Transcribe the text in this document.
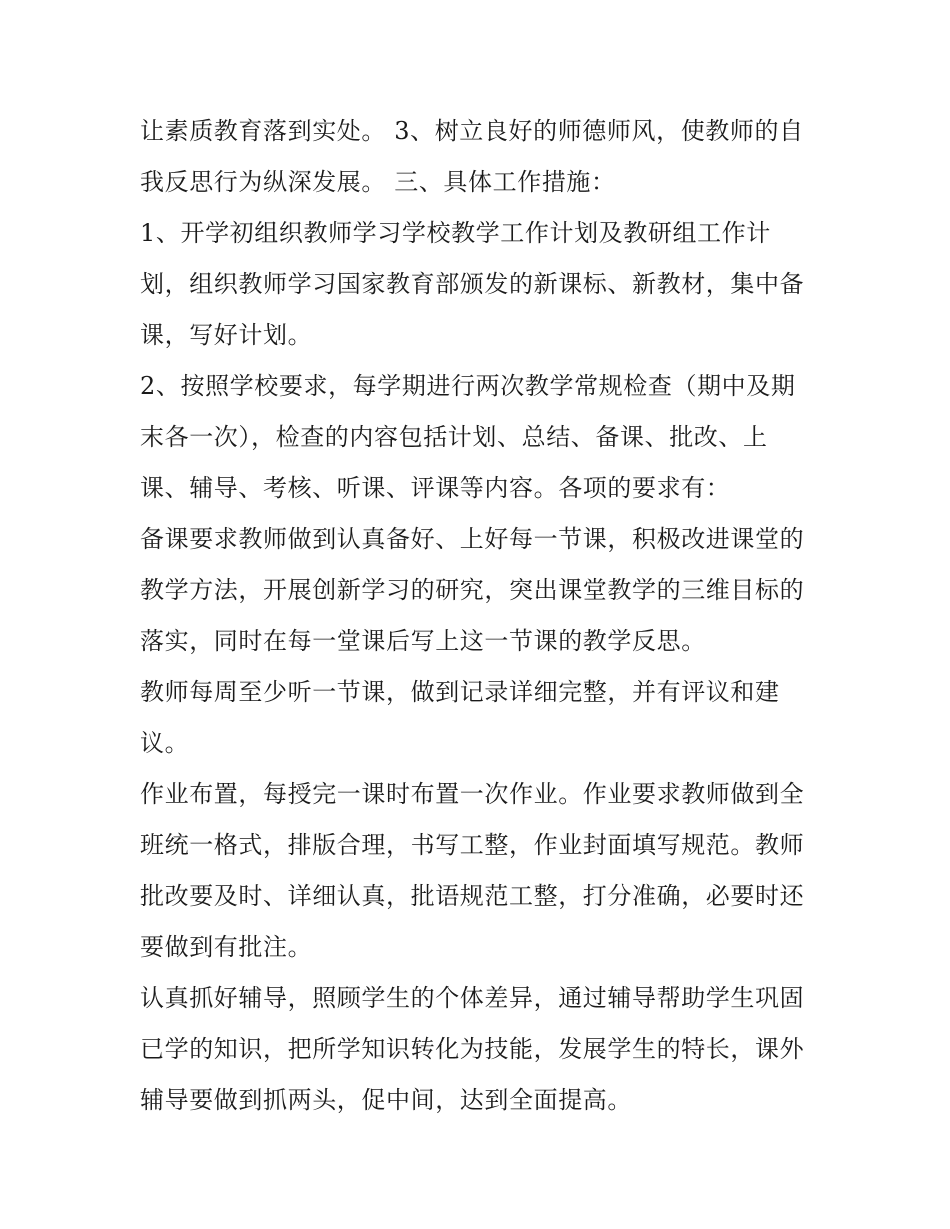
让素质教育落到实处。 3、树立良好的师德师风，使教师的自
我反思行为纵深发展。 三、具体工作措施：
1、开学初组织教师学习学校教学工作计划及教研组工作计
划，组织教师学习国家教育部颁发的新课标、新教材，集中备
课，写好计划。
2、按照学校要求，每学期进行两次教学常规检查（期中及期
末各一次），检查的内容包括计划、总结、备课、批改、上
课、辅导、考核、听课、评课等内容。各项的要求有：
备课要求教师做到认真备好、上好每一节课，积极改进课堂的
教学方法，开展创新学习的研究，突出课堂教学的三维目标的
落实，同时在每一堂课后写上这一节课的教学反思。
教师每周至少听一节课，做到记录详细完整，并有评议和建
议。
作业布置，每授完一课时布置一次作业。作业要求教师做到全
班统一格式，排版合理，书写工整，作业封面填写规范。教师
批改要及时、详细认真，批语规范工整，打分准确，必要时还
要做到有批注。
认真抓好辅导，照顾学生的个体差异，通过辅导帮助学生巩固
已学的知识，把所学知识转化为技能，发展学生的特长，课外
辅导要做到抓两头，促中间，达到全面提高。
